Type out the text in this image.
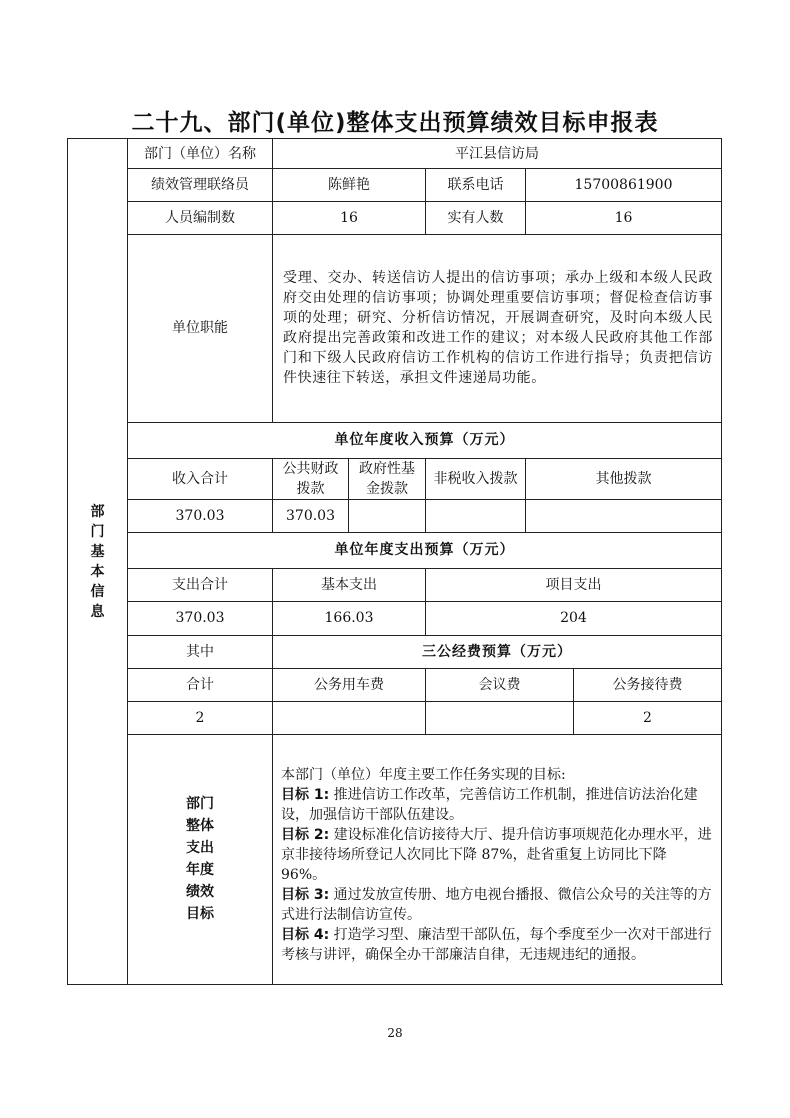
二十九、部门(单位)整体支出预算绩效目标申报表
部门基本信息	部门（单位）名称	平江县信访局				
	绩效管理联络员	陈鲜艳		联系电话	15700861900	
	人员编制数	16		实有人数	16	
	单位职能	受理、交办、转送信访人提出的信访事项；承办上级和本级人民政府交由处理的信访事项；协调处理重要信访事项；督促检查信访事项的处理；研究、分析信访情况，开展调查研究，及时向本级人民政府提出完善政策和改进工作的建议；对本级人民政府其他工作部门和下级人民政府信访工作机构的信访工作进行指导；负责把信访件快速往下转送，承担文件速递局功能。				
	单位年度收入预算（万元）					
	收入合计	公共财政拨款	政府性基金拨款	非税收入拨款	其他拨款	
	370.03	370.03				
	单位年度支出预算（万元）					
	支出合计	基本支出		项目支出		
	370.03	166.03		204		
	其中	三公经费预算（万元）				
	合计	公务用车费		会议费		公务接待费
	2					2
	部门整体支出年度绩效目标	本部门（单位）年度主要工作任务实现的目标:
目标 1: 推进信访工作改革，完善信访工作机制，推进信访法治化建设，加强信访干部队伍建设。
目标 2: 建设标准化信访接待大厅、提升信访事项规范化办理水平，进京非接待场所登记人次同比下降 87%，赴省重复上访同比下降 96%。
目标 3: 通过发放宣传册、地方电视台播报、微信公众号的关注等的方式进行法制信访宣传。
目标 4: 打造学习型、廉洁型干部队伍，每个季度至少一次对干部进行考核与讲评，确保全办干部廉洁自律，无违规违纪的通报。				
28
